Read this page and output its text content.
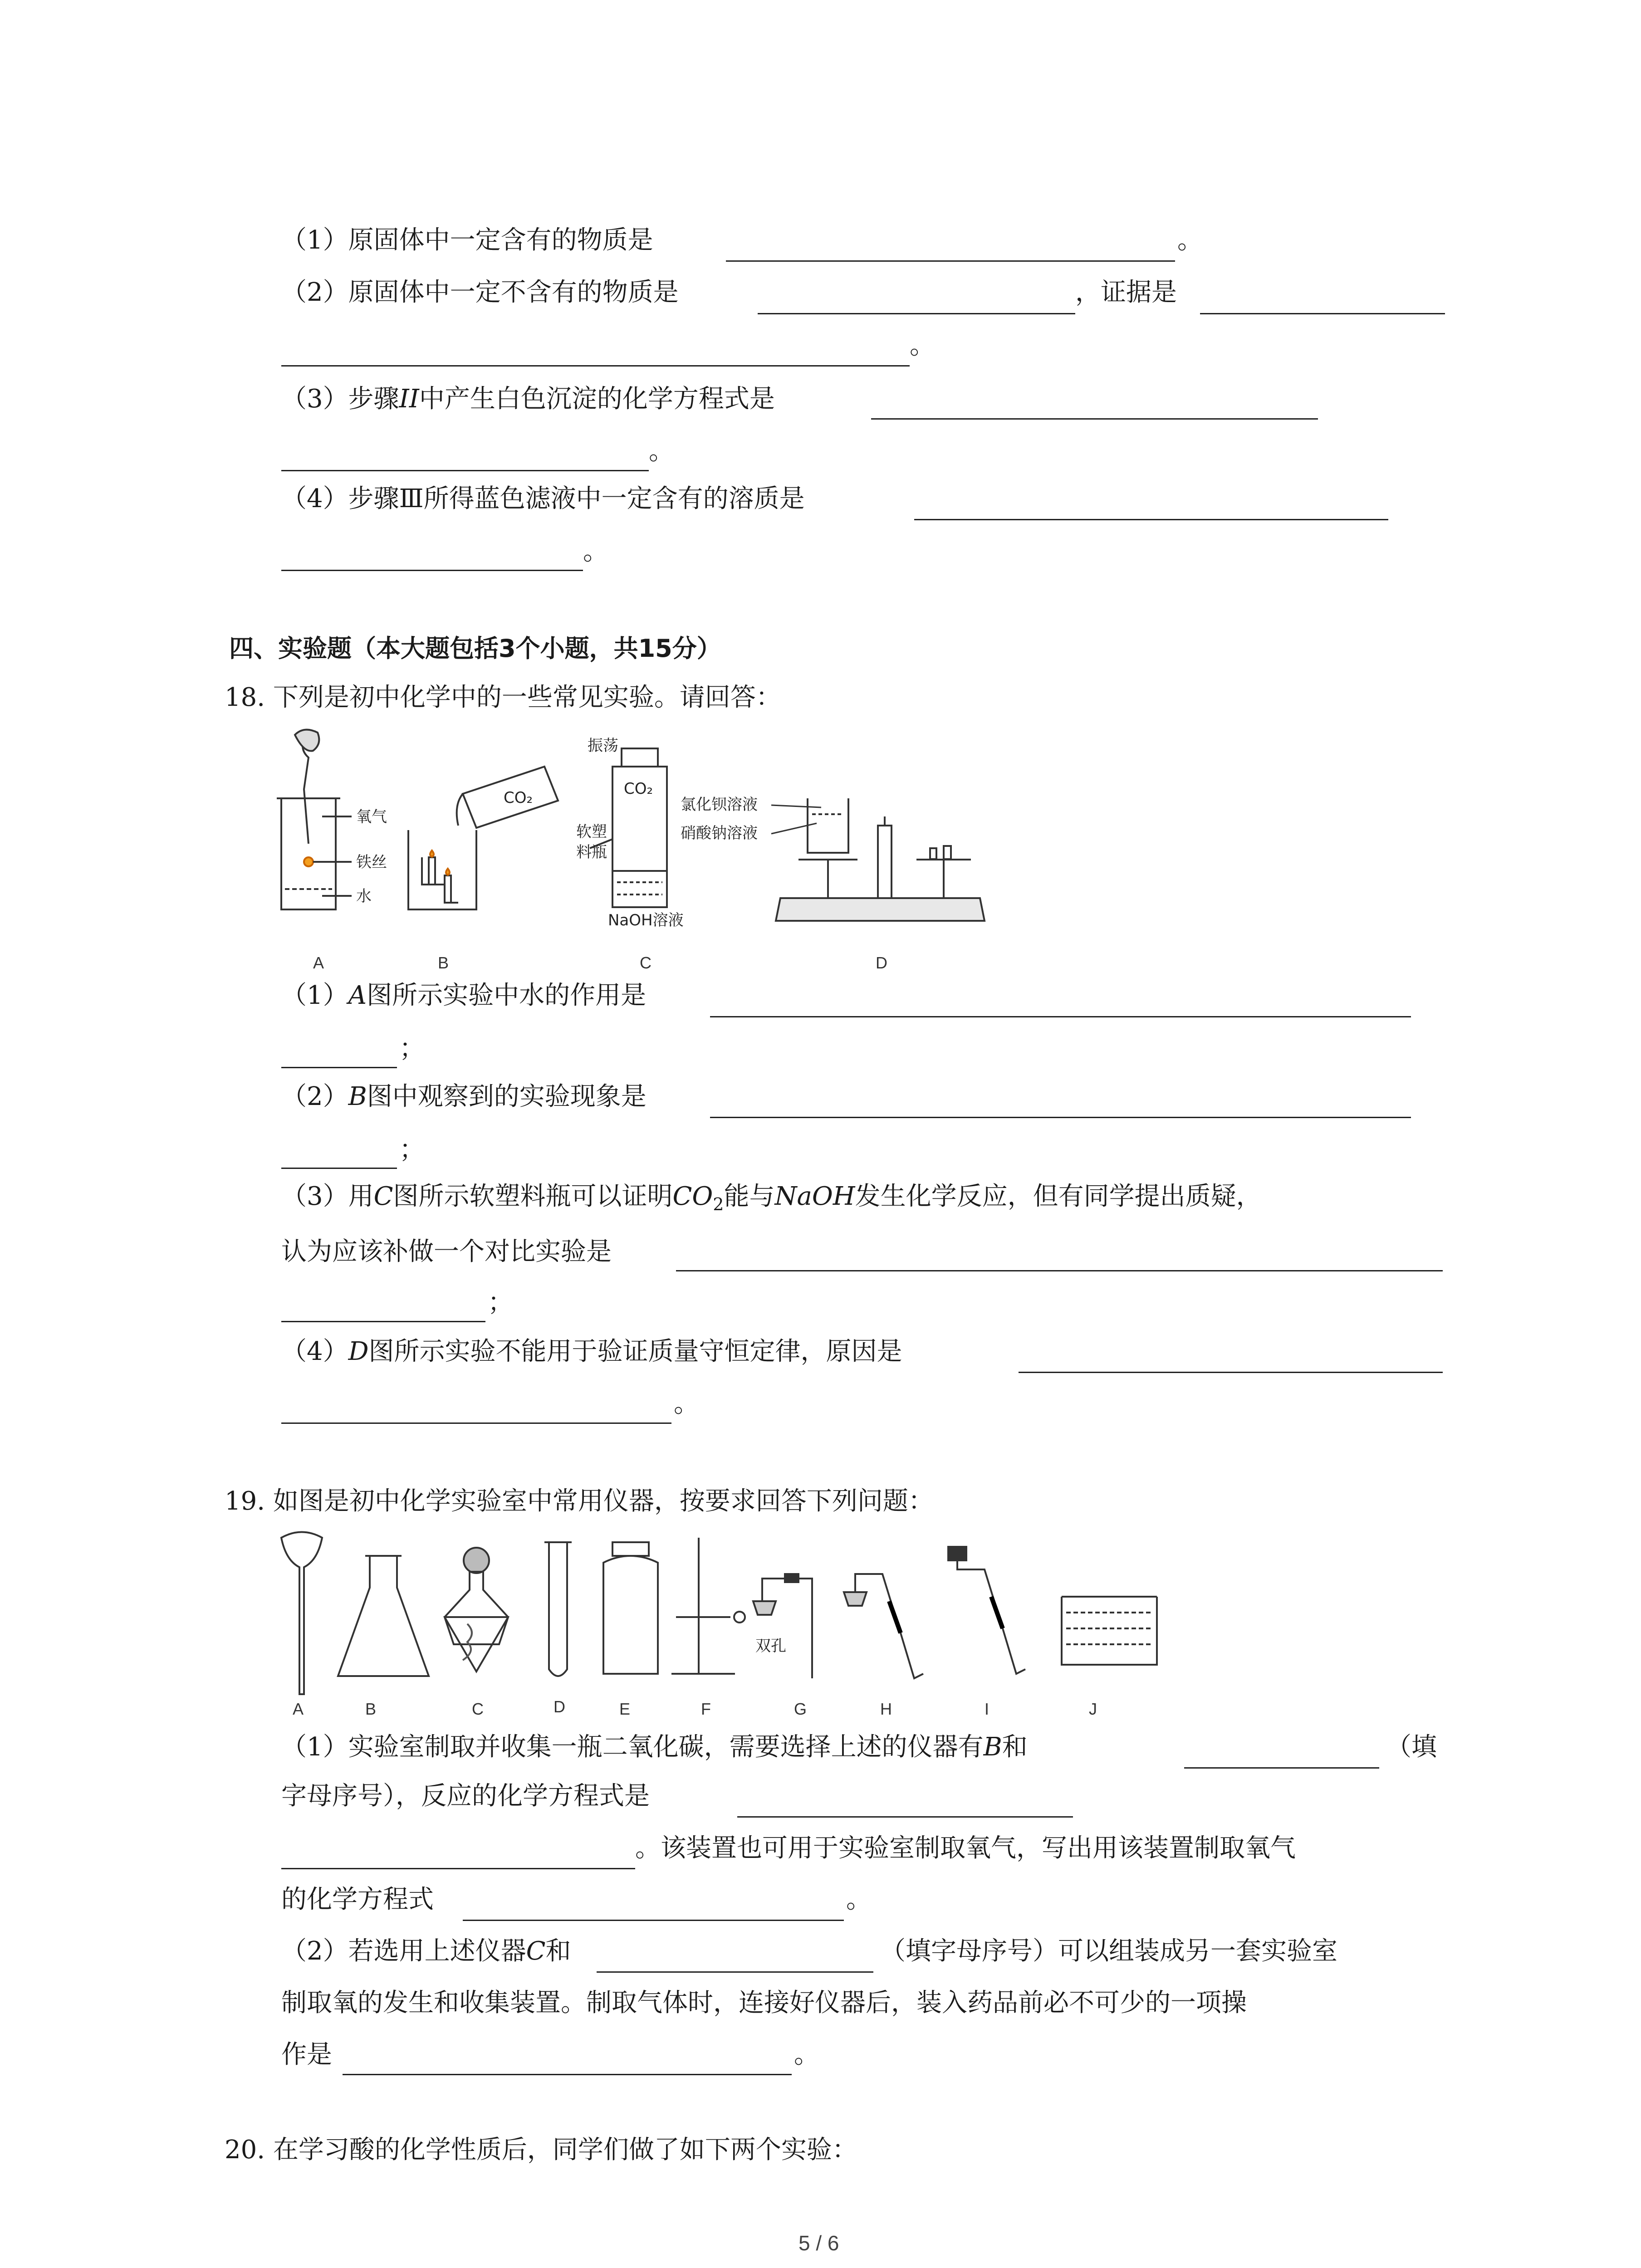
（1）原固体中一定含有的物质是	。
（2）原固体中一定不含有的物质是	，证据是
。
（3）步骤II中产生白色沉淀的化学方程式是
。
（4）步骤Ⅲ所得蓝色滤液中一定含有的溶质是
。
四、实验题（本大题包括3个小题，共15分）
18. 下列是初中化学中的一些常见实验。请回答：
氧气
铁丝
水
A
CO₂
B
振荡
CO₂
软塑
料瓶
NaOH溶液
C
氯化钡溶液
硝酸钠溶液
D
（1）A图所示实验中水的作用是
；
（2）B图中观察到的实验现象是
；
（3）用C图所示软塑料瓶可以证明$CO_2$能与NaOH发生化学反应，但有同学提出质疑，
认为应该补做一个对比实验是
；
（4）D图所示实验不能用于验证质量守恒定律，原因是
。
19. 如图是初中化学实验室中常用仪器，按要求回答下列问题：
双孔
A	B	C	D	E	F	G	H	I	J
（1）实验室制取并收集一瓶二氧化碳，需要选择上述的仪器有B和	（填
字母序号），反应的化学方程式是
。该装置也可用于实验室制取氧气，写出用该装置制取氧气
的化学方程式	。
（2）若选用上述仪器C和	（填字母序号）可以组装成另一套实验室
制取氧的发生和收集装置。制取气体时，连接好仪器后，装入药品前必不可少的一项操
作是	。
20. 在学习酸的化学性质后，同学们做了如下两个实验：
5 / 6
